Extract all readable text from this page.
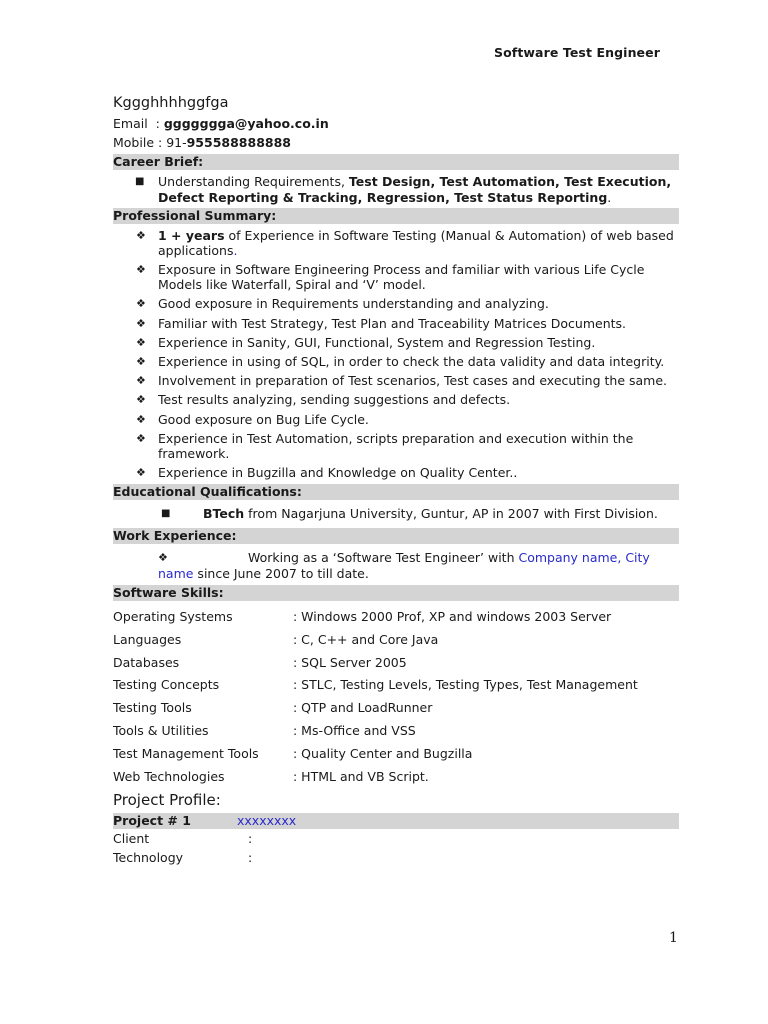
Software Test Engineer
Kggghhhhggfga
Email  : ggggggga@yahoo.co.in
Mobile : 91-955588888888
Career Brief:
■ Understanding Requirements, Test Design, Test Automation, Test Execution, Defect Reporting & Tracking, Regression, Test Status Reporting.
Professional Summary:
❖ 1 + years of Experience in Software Testing (Manual & Automation) of web based applications.
❖ Exposure in Software Engineering Process and familiar with various Life Cycle Models like Waterfall, Spiral and ‘V’ model.
❖ Good exposure in Requirements understanding and analyzing.
❖ Familiar with Test Strategy, Test Plan and Traceability Matrices Documents.
❖ Experience in Sanity, GUI, Functional, System and Regression Testing.
❖ Experience in using of SQL, in order to check the data validity and data integrity.
❖ Involvement in preparation of Test scenarios, Test cases and executing the same.
❖ Test results analyzing, sending suggestions and defects.
❖ Good exposure on Bug Life Cycle.
❖ Experience in Test Automation, scripts preparation and execution within the framework.
❖ Experience in Bugzilla and Knowledge on Quality Center..
Educational Qualifications:
■	BTech from Nagarjuna University, Guntur, AP in 2007 with First Division.
Work Experience:
❖	Working as a ‘Software Test Engineer’ with Company name, City name since June 2007 to till date.
Software Skills:
Operating Systems	: Windows 2000 Prof, XP and windows 2003 Server
Languages	: C, C++ and Core Java
Databases	: SQL Server 2005
Testing Concepts	: STLC, Testing Levels, Testing Types, Test Management
Testing Tools	: QTP and LoadRunner
Tools & Utilities	: Ms-Office and VSS
Test Management Tools	: Quality Center and Bugzilla
Web Technologies	: HTML and VB Script.
Project Profile:
Project # 1	xxxxxxxx
Client	:
Technology	:
1
